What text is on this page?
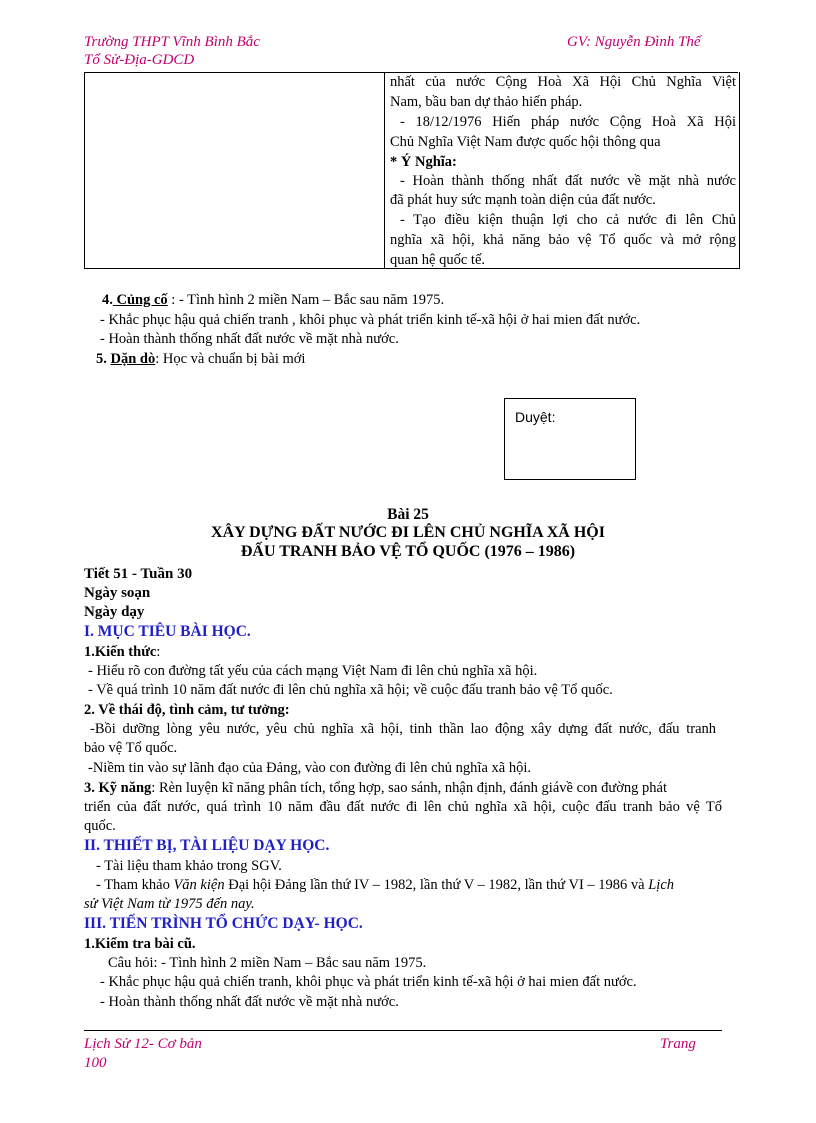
Trường THPT Vĩnh Bình Bắc	GV: Nguyễn Đình Thế
Tổ Sử-Địa-GDCD
nhất của nước Cộng Hoà Xã Hội Chủ Nghĩa Việt
Nam, bầu ban dự thảo hiến pháp.
- 18/12/1976 Hiến pháp nước Cộng Hoà Xã Hội
Chủ Nghĩa Việt Nam được quốc hội thông qua
* Ý Nghĩa:
- Hoàn thành thống nhất đất nước về mặt nhà nước
đã phát huy sức mạnh toàn diện của đất nước.
- Tạo điều kiện thuận lợi cho cả nước đi lên Chủ
nghĩa xã hội, khả năng bảo vệ Tổ quốc và mở rộng
quan hệ quốc tế.
4. Củng cố : - Tình hình 2 miền Nam – Bắc sau năm 1975.
- Khắc phục hậu quả chiến tranh , khôi phục và phát triển kinh tế-xã hội ở hai mien đất nước.
- Hoàn thành thống nhất đất nước về mặt nhà nước.
5. Dặn dò: Học và chuẩn bị bài mới
Duyệt:
Bài 25
XÂY DỰNG ĐẤT NƯỚC ĐI LÊN CHỦ NGHĨA XÃ HỘI
ĐẤU TRANH BẢO VỆ TỔ QUỐC (1976 – 1986)
Tiết 51 - Tuần 30
Ngày soạn
Ngày dạy
I. MỤC TIÊU BÀI HỌC.
1.Kiến thức:
- Hiểu rõ con đường tất yếu của cách mạng Việt Nam đi lên chủ nghĩa xã hội.
- Về quá trình 10 năm đất nước đi lên chủ nghĩa xã hội; về cuộc đấu tranh bảo vệ Tổ quốc.
2. Về thái độ, tình cảm, tư tưởng:
-Bồi dưỡng lòng yêu nước, yêu chủ nghĩa xã hội, tinh thần lao động xây dựng đất nước, đấu tranh
bảo vệ Tổ quốc.
-Niềm tin vào sự lãnh đạo của Đảng, vào con đường đi lên chủ nghĩa xã hội.
3. Kỹ năng: Rèn luyện kĩ năng phân tích, tổng hợp, sao sánh, nhận định, đánh giávề con đường phát
triển của đất nước, quá trình 10 năm đầu đất nước đi lên chủ nghĩa xã hội, cuộc đấu tranh bảo vệ Tổ
quốc.
II. THIẾT BỊ, TÀI LIỆU DẠY HỌC.
- Tài liệu tham khảo trong SGV.
- Tham khảo Văn kiện Đại hội Đảng lần thứ IV – 1982, lần thứ V – 1982, lần thứ VI – 1986 và Lịch
sử Việt Nam từ 1975 đến nay.
III. TIẾN TRÌNH TỔ CHỨC DẠY- HỌC.
1.Kiểm tra bài cũ.
Câu hỏi: - Tình hình 2 miền Nam – Bắc sau năm 1975.
- Khắc phục hậu quả chiến tranh, khôi phục và phát triển kinh tế-xã hội ở hai mien đất nước.
- Hoàn thành thống nhất đất nước về mặt nhà nước.
Lịch Sử 12- Cơ bản	Trang
100
